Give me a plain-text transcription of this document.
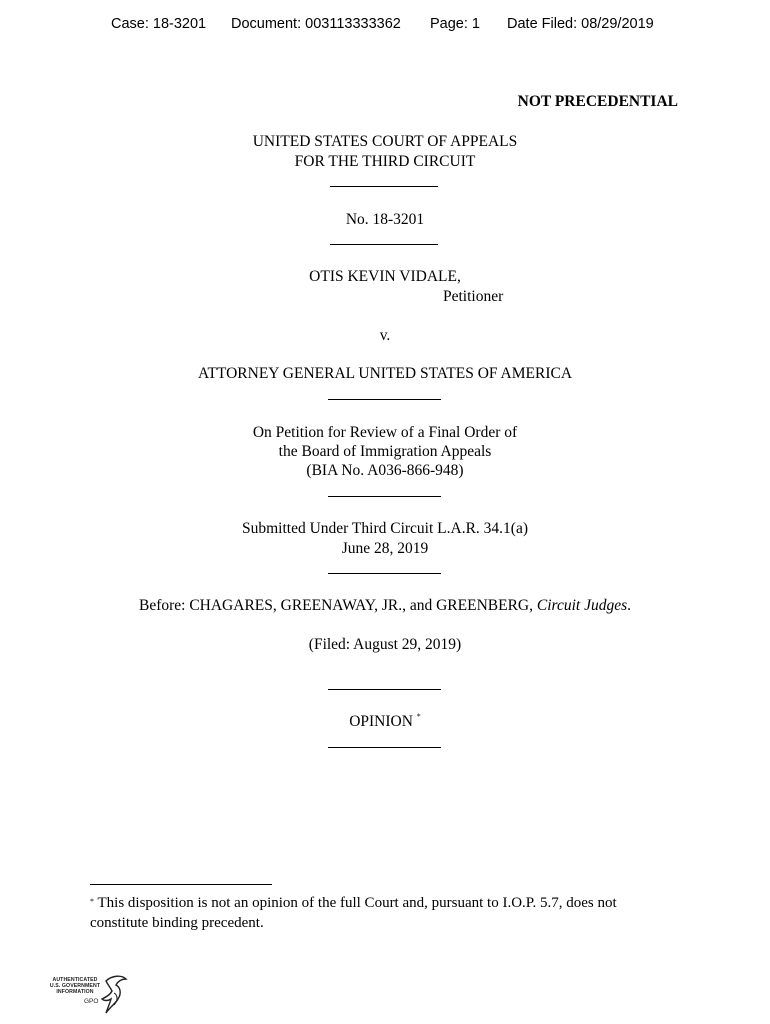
Case: 18-3201 Document: 003113333362 Page: 1 Date Filed: 08/29/2019
NOT PRECEDENTIAL
UNITED STATES COURT OF APPEALS
FOR THE THIRD CIRCUIT
No. 18-3201
OTIS KEVIN VIDALE,
Petitioner
v.
ATTORNEY GENERAL UNITED STATES OF AMERICA
On Petition for Review of a Final Order of
the Board of Immigration Appeals
(BIA No. A036-866-948)
Submitted Under Third Circuit L.A.R. 34.1(a)
June 28, 2019
Before: CHAGARES, GREENAWAY, JR., and GREENBERG, Circuit Judges.
(Filed: August 29, 2019)
OPINION *
* This disposition is not an opinion of the full Court and, pursuant to I.O.P. 5.7, does not
constitute binding precedent.
AUTHENTICATED
U.S. GOVERNMENT
INFORMATION
GPO
